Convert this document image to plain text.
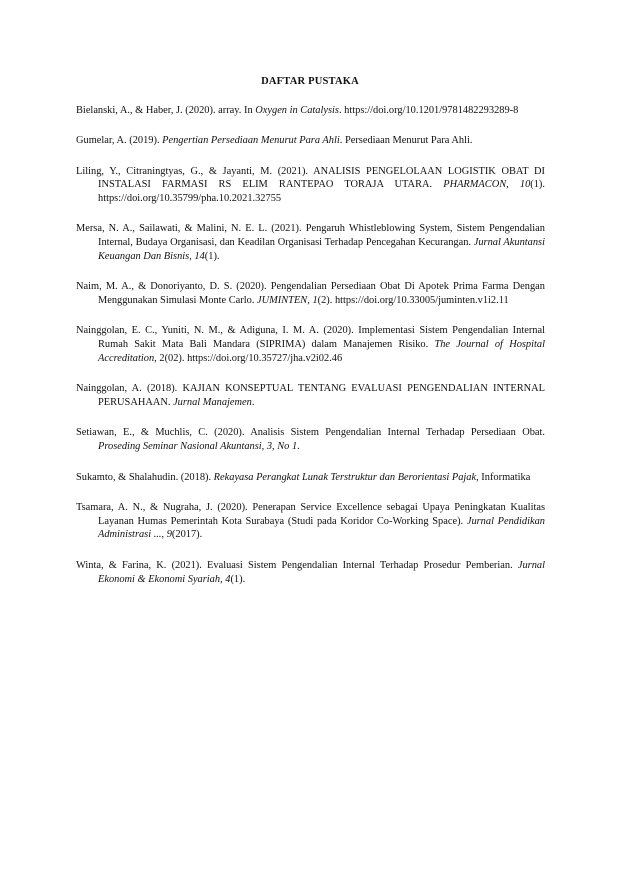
DAFTAR PUSTAKA

Bielanski, A., & Haber, J. (2020). array. In Oxygen in Catalysis. https://doi.org/10.1201/9781482293289-8

Gumelar, A. (2019). Pengertian Persediaan Menurut Para Ahli. Persediaan Menurut Para Ahli.

Liling, Y., Citraningtyas, G., & Jayanti, M. (2021). ANALISIS PENGELOLAAN LOGISTIK OBAT DI INSTALASI FARMASI RS ELIM RANTEPAO TORAJA UTARA. PHARMACON, 10(1). https://doi.org/10.35799/pha.10.2021.32755

Mersa, N. A., Sailawati, & Malini, N. E. L. (2021). Pengaruh Whistleblowing System, Sistem Pengendalian Internal, Budaya Organisasi, dan Keadilan Organisasi Terhadap Pencegahan Kecurangan. Jurnal Akuntansi Keuangan Dan Bisnis, 14(1).

Naim, M. A., & Donoriyanto, D. S. (2020). Pengendalian Persediaan Obat Di Apotek Prima Farma Dengan Menggunakan Simulasi Monte Carlo. JUMINTEN, 1(2). https://doi.org/10.33005/juminten.v1i2.11

Nainggolan, E. C., Yuniti, N. M., & Adiguna, I. M. A. (2020). Implementasi Sistem Pengendalian Internal Rumah Sakit Mata Bali Mandara (SIPRIMA) dalam Manajemen Risiko. The Journal of Hospital Accreditation, 2(02). https://doi.org/10.35727/jha.v2i02.46

Nainggolan, A. (2018). KAJIAN KONSEPTUAL TENTANG EVALUASI PENGENDALIAN INTERNAL PERUSAHAAN. Jurnal Manajemen.

Setiawan, E., & Muchlis, C. (2020). Analisis Sistem Pengendalian Internal Terhadap Persediaan Obat. Proseding Seminar Nasional Akuntansi, 3, No 1.

Sukamto, & Shalahudin. (2018). Rekayasa Perangkat Lunak Terstruktur dan Berorientasi Pajak, Informatika

Tsamara, A. N., & Nugraha, J. (2020). Penerapan Service Excellence sebagai Upaya Peningkatan Kualitas Layanan Humas Pemerintah Kota Surabaya (Studi pada Koridor Co-Working Space). Jurnal Pendidikan Administrasi ..., 9(2017).

Winta, & Farina, K. (2021). Evaluasi Sistem Pengendalian Internal Terhadap Prosedur Pemberian. Jurnal Ekonomi & Ekonomi Syariah, 4(1).
